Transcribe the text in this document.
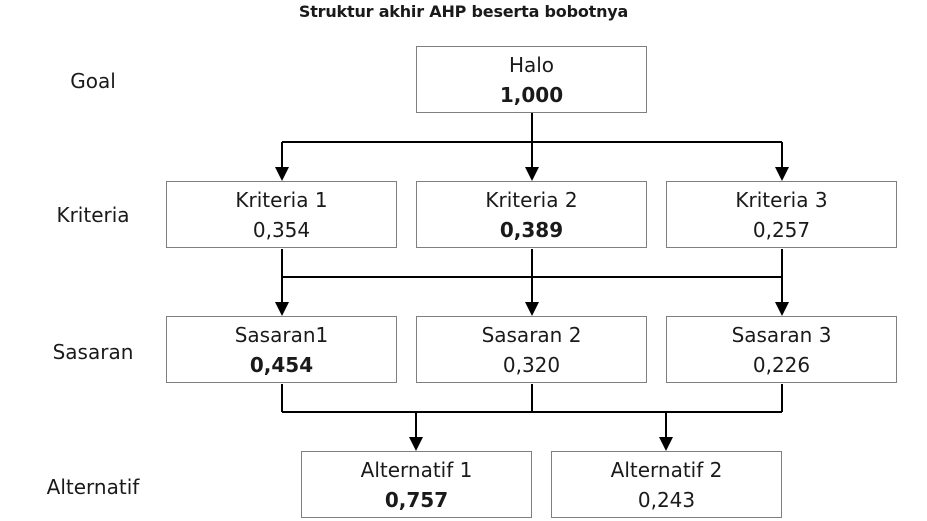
Struktur akhir AHP beserta bobotnya
Goal
Kriteria
Sasaran
Alternatif
Halo
1,000
Kriteria 1
0,354
Kriteria 2
0,389
Kriteria 3
0,257
Sasaran1
0,454
Sasaran 2
0,320
Sasaran 3
0,226
Alternatif 1
0,757
Alternatif 2
0,243
